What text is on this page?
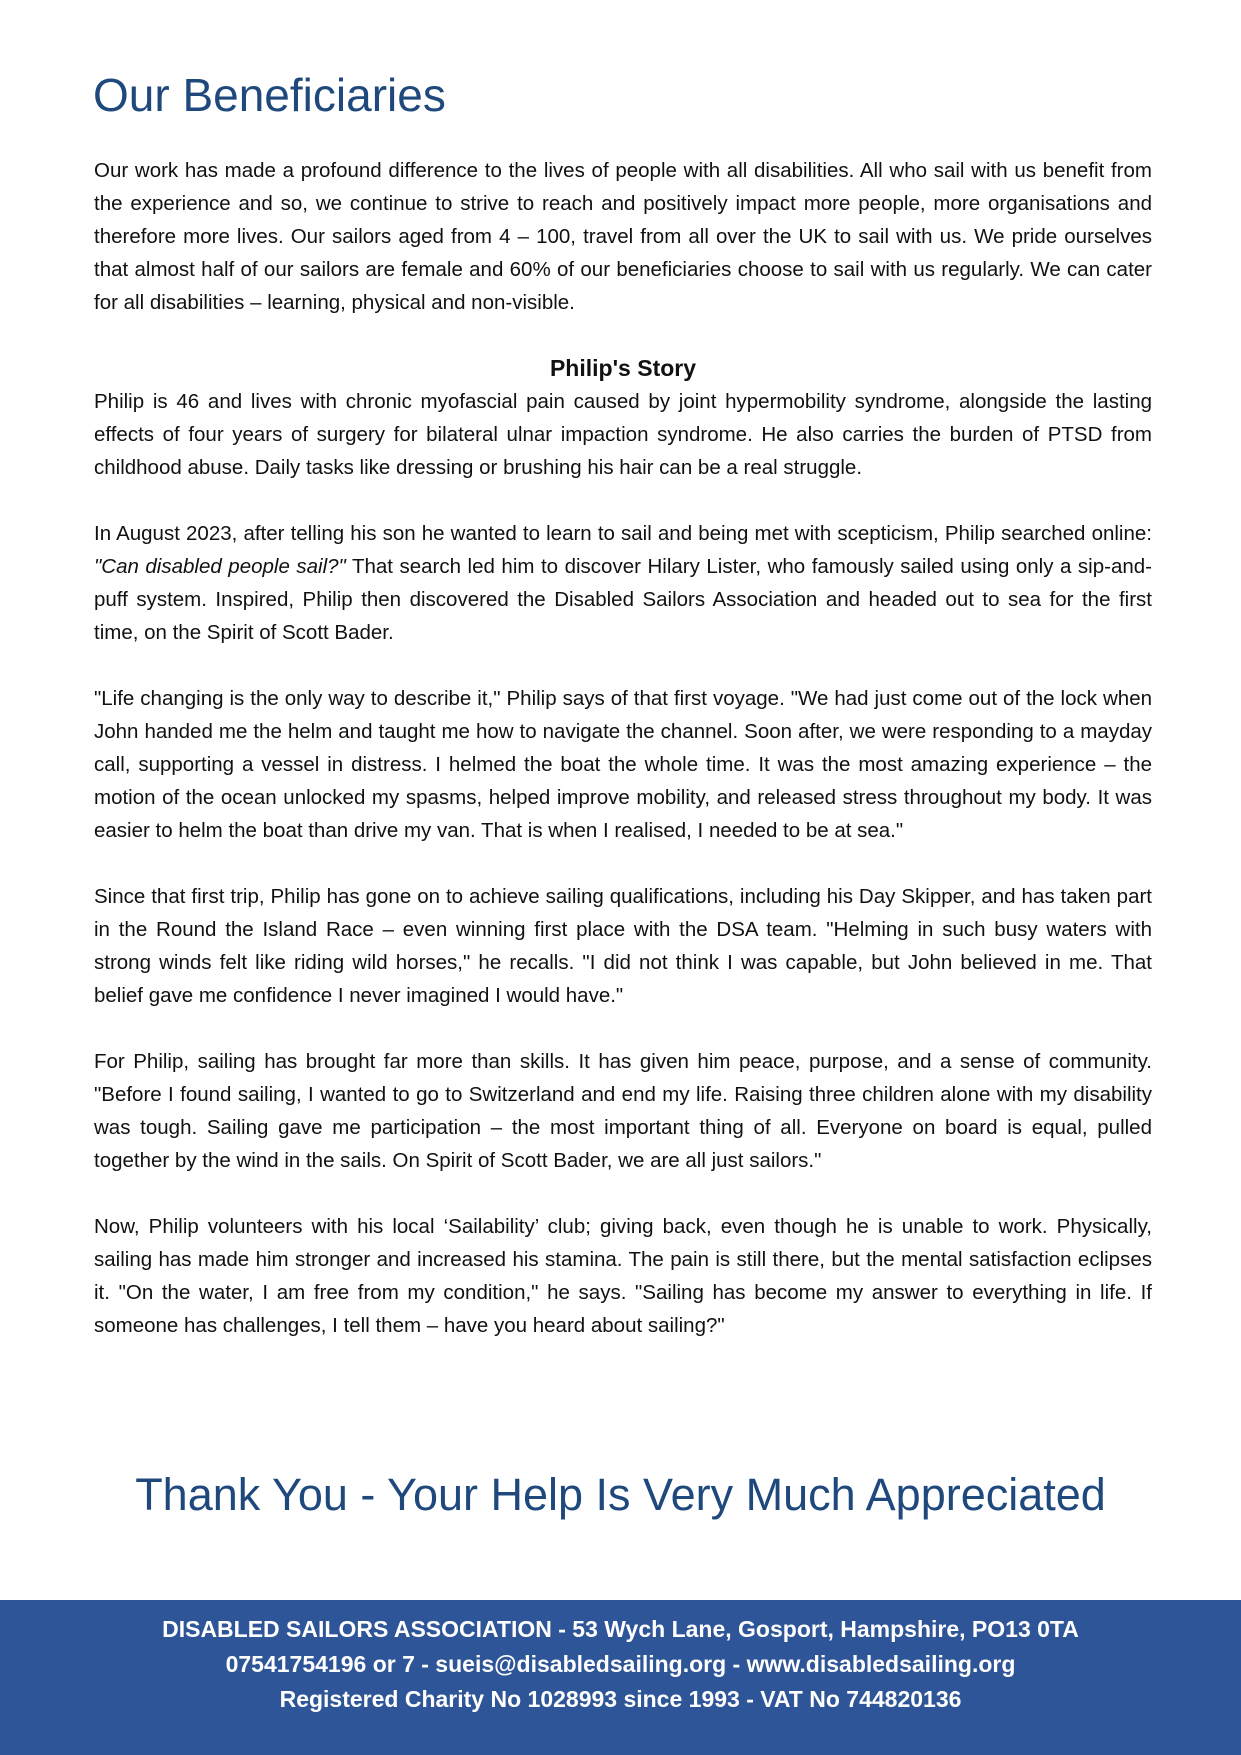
Our Beneficiaries

Our work has made a profound difference to the lives of people with all disabilities. All who sail with us benefit from the experience and so, we continue to strive to reach and positively impact more people, more organisations and therefore more lives. Our sailors aged from 4 – 100, travel from all over the UK to sail with us. We pride ourselves that almost half of our sailors are female and 60% of our beneficiaries choose to sail with us regularly. We can cater for all disabilities – learning, physical and non-visible.

Philip's Story

Philip is 46 and lives with chronic myofascial pain caused by joint hypermobility syndrome, alongside the lasting effects of four years of surgery for bilateral ulnar impaction syndrome. He also carries the burden of PTSD from childhood abuse. Daily tasks like dressing or brushing his hair can be a real struggle.

In August 2023, after telling his son he wanted to learn to sail and being met with scepticism, Philip searched online: "Can disabled people sail?" That search led him to discover Hilary Lister, who famously sailed using only a sip-and-puff system. Inspired, Philip then discovered the Disabled Sailors Association and headed out to sea for the first time, on the Spirit of Scott Bader.

"Life changing is the only way to describe it," Philip says of that first voyage. "We had just come out of the lock when John handed me the helm and taught me how to navigate the channel. Soon after, we were responding to a mayday call, supporting a vessel in distress. I helmed the boat the whole time. It was the most amazing experience – the motion of the ocean unlocked my spasms, helped improve mobility, and released stress throughout my body. It was easier to helm the boat than drive my van. That is when I realised, I needed to be at sea."

Since that first trip, Philip has gone on to achieve sailing qualifications, including his Day Skipper, and has taken part in the Round the Island Race – even winning first place with the DSA team. "Helming in such busy waters with strong winds felt like riding wild horses," he recalls. "I did not think I was capable, but John believed in me. That belief gave me confidence I never imagined I would have."

For Philip, sailing has brought far more than skills. It has given him peace, purpose, and a sense of community. "Before I found sailing, I wanted to go to Switzerland and end my life. Raising three children alone with my disability was tough. Sailing gave me participation – the most important thing of all. Everyone on board is equal, pulled together by the wind in the sails. On Spirit of Scott Bader, we are all just sailors."

Now, Philip volunteers with his local ‘Sailability’ club; giving back, even though he is unable to work. Physically, sailing has made him stronger and increased his stamina. The pain is still there, but the mental satisfaction eclipses it. "On the water, I am free from my condition," he says. "Sailing has become my answer to everything in life. If someone has challenges, I tell them – have you heard about sailing?"

Thank You - Your Help Is Very Much Appreciated
DISABLED SAILORS ASSOCIATION - 53 Wych Lane, Gosport, Hampshire, PO13 0TA
07541754196 or 7 - sueis@disabledsailing.org - www.disabledsailing.org
Registered Charity No 1028993 since 1993 - VAT No 744820136
